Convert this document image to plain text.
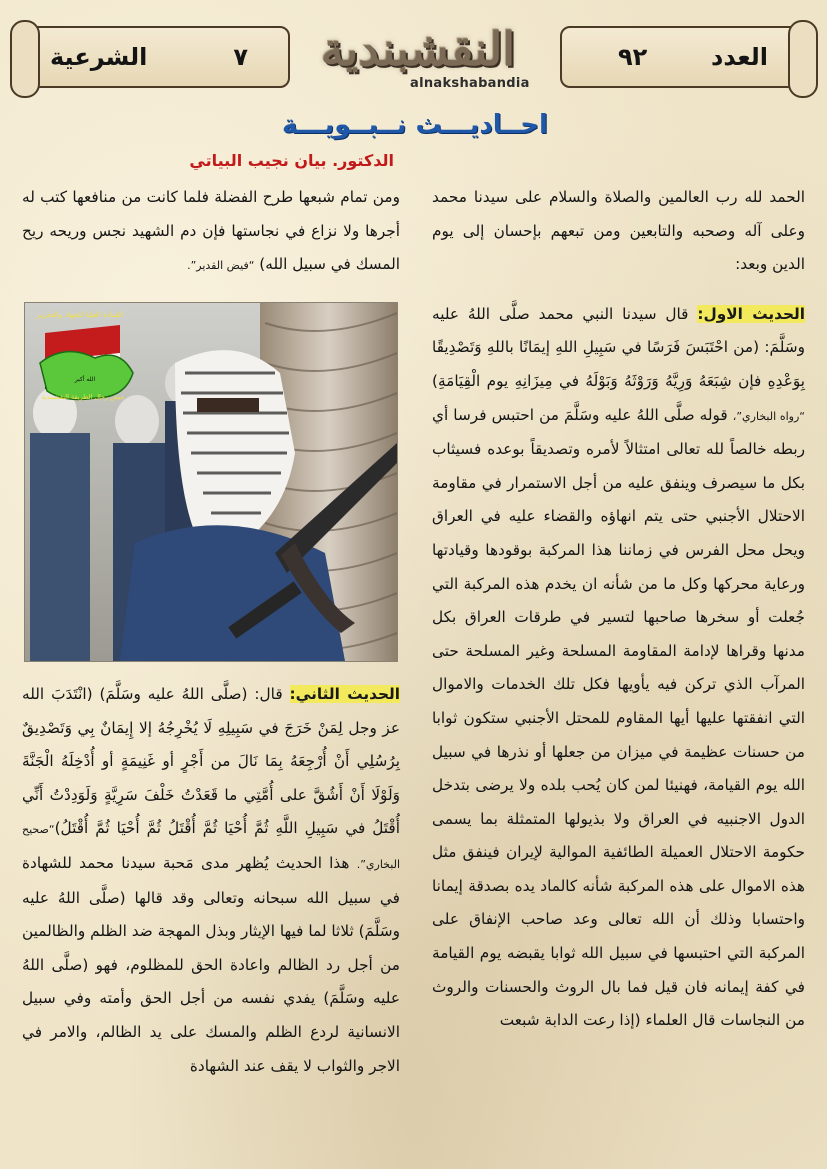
الشرعية	٧	النقشبندية
alnakshabandia
٩٢	العدد
احــاديـــث نــبــويـــة
الدكتور. بيان نجيب البياتي

الحمد لله رب العالمين والصلاة والسلام على سيدنا محمد وعلى آله وصحبه والتابعين ومن تبعهم بإحسان إلى يوم الدين وبعد:

الحديث الاول: قال سيدنا النبي محمد صلَّى اللهُ عليه وسَلَّمَ: (من احْتَبَسَ فَرَسًا في سَبِيلِ اللهِ إيمَانًا باللهِ وَتَصْدِيقًا بِوَعْدِهِ فإن شِبَعَهُ وَرِيَّهُ وَرَوْثَهُ وَبَوْلَهُ في مِيزَانِهِ يوم الْقِيَامَةِ) “رواه البخاري”، قوله صلَّى اللهُ عليه وسَلَّمَ من احتبس فرسا أي ربطه خالصاً لله تعالى امتثالاً لأمره وتصديقاً بوعده فسيثاب بكل ما سيصرف وينفق عليه من أجل الاستمرار في مقاومة الاحتلال الأجنبي حتى يتم انهاؤه والقضاء عليه في العراق ويحل محل الفرس في زماننا هذا المركبة بوقودها وقيادتها ورعاية محركها وكل ما من شأنه ان يخدم هذه المركبة التي جُعلت أو سخرها صاحبها لتسير في طرقات العراق بكل مدنها وقراها لإدامة المقاومة المسلحة وغير المسلحة حتى المرآب الذي تركن فيه يأويها فكل تلك الخدمات والاموال التي انفقتها عليها أيها المقاوم للمحتل الأجنبي ستكون ثوابا من حسنات عظيمة في ميزان من جعلها أو نذرها في سبيل الله يوم القيامة، فهنيئا لمن كان يُحب بلده ولا يرضى بتدخل الدول الاجنبيه في العراق ولا بذيولها المتمثلة بما يسمى حكومة الاحتلال العميلة الطائفية الموالية لإيران فينفق مثل هذه الاموال على هذه المركبة شأنه كالماد يده بصدقة إيمانا واحتسابا وذلك أن الله تعالى وعد صاحب الإنفاق على المركبة التي احتبسها في سبيل الله ثوابا يقبضه يوم القيامة في كفة إيمانه فان قيل فما بال الروث والحسنات والروث من النجاسات قال العلماء (إذا رعت الدابة شبعت

ومن تمام شبعها طرح الفضلة فلما كانت من منافعها كتب له أجرها ولا نزاع في نجاستها فإن دم الشهيد نجس وريحه ريح المسك في سبيل الله) “فيض القدير”.

القيادة العليا للجهاد والتحرير
الله أكبر
جيش رجال الطريقة النقشبندية

الحديث الثاني: قال: (صلَّى اللهُ عليه وسَلَّمَ) (انْتَدَبَ الله عز وجل لِمَنْ خَرَجَ في سَبِيلِهِ لَا يُخْرِجُهُ إلا إِيمَانٌ بِي وَتَصْدِيقٌ بِرُسُلِي أَنْ أُرْجِعَهُ بِمَا نَالَ من أَجْرٍ أو غَنِيمَةٍ أو أُدْخِلَهُ الْجَنَّةَ وَلَوْلَا أَنْ أَشُقَّ على أُمَّتِي ما قَعَدْتُ خَلْفَ سَرِيَّةٍ وَلَوَدِدْتُ أَنِّي أُقْتَلُ في سَبِيلِ اللَّهِ ثُمَّ أُحْيَا ثُمَّ أُقْتَلُ ثُمَّ أُحْيَا ثُمَّ أُقْتَلُ)“صحيح البخاري”. هذا الحديث يُظهر مدى مَحبة سيدنا محمد للشهادة في سبيل الله سبحانه وتعالى وقد قالها (صلَّى اللهُ عليه وسَلَّمَ) ثلاثا لما فيها الإيثار وبذل المهجة ضد الظلم والظالمين من أجل رد الظالم واعادة الحق للمظلوم، فهو (صلَّى اللهُ عليه وسَلَّمَ) يفدي نفسه من أجل الحق وأمته وفي سبيل الانسانية لردع الظلم والمسك على يد الظالم، والامر في الاجر والثواب لا يقف عند الشهادة
